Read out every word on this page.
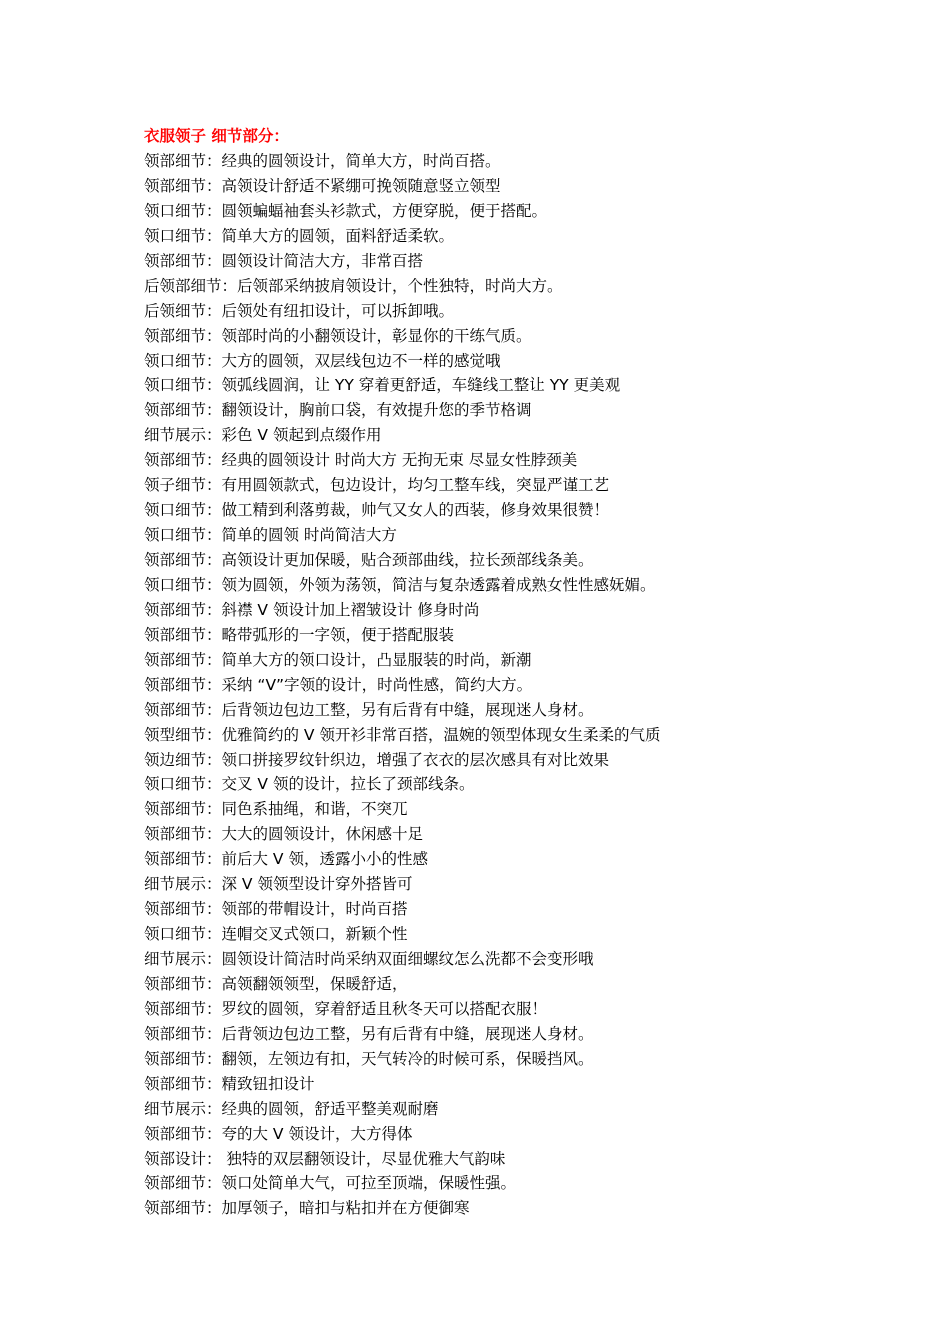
衣服领子 细节部分：
领部细节：经典的圆领设计，简单大方，时尚百搭。
领部细节：高领设计舒适不紧绷可挽领随意竖立领型
领口细节：圆领蝙蝠袖套头衫款式，方便穿脱，便于搭配。
领口细节：简单大方的圆领，面料舒适柔软。
领部细节：圆领设计简洁大方，非常百搭
后领部细节：后领部采纳披肩领设计，个性独特，时尚大方。
后领细节：后领处有纽扣设计，可以拆卸哦。
领部细节：领部时尚的小翻领设计，彰显你的干练气质。
领口细节：大方的圆领，双层线包边不一样的感觉哦
领口细节：领弧线圆润，让 YY 穿着更舒适，车缝线工整让 YY 更美观
领部细节：翻领设计，胸前口袋，有效提升您的季节格调
细节展示：彩色 V 领起到点缀作用
领部细节：经典的圆领设计 时尚大方 无拘无束 尽显女性脖颈美
领子细节：有用圆领款式，包边设计，均匀工整车线，突显严谨工艺
领口细节：做工精到利落剪裁，帅气又女人的西装，修身效果很赞！
领口细节：简单的圆领 时尚简洁大方
领部细节：高领设计更加保暖，贴合颈部曲线，拉长颈部线条美。
领口细节：领为圆领，外领为荡领，简洁与复杂透露着成熟女性性感妩媚。
领部细节：斜襟 V 领设计加上褶皱设计 修身时尚
领部细节：略带弧形的一字领，便于搭配服装
领部细节：简单大方的领口设计，凸显服装的时尚，新潮
领部细节：采纳 “V”字领的设计，时尚性感，简约大方。
领部细节：后背领边包边工整，另有后背有中缝，展现迷人身材。
领型细节：优雅简约的 V 领开衫非常百搭，温婉的领型体现女生柔柔的气质
领边细节：领口拼接罗纹针织边，增强了衣衣的层次感具有对比效果
领口细节：交叉 V 领的设计，拉长了颈部线条。
领部细节：同色系抽绳，和谐，不突兀
领部细节：大大的圆领设计，休闲感十足
领部细节：前后大 V 领，透露小小的性感
细节展示：深 V 领领型设计穿外搭皆可
领部细节：领部的带帽设计，时尚百搭
领口细节：连帽交叉式领口，新颖个性
细节展示：圆领设计简洁时尚采纳双面细螺纹怎么洗都不会变形哦
领部细节：高领翻领领型，保暖舒适，
领部细节：罗纹的圆领，穿着舒适且秋冬天可以搭配衣服！
领部细节：后背领边包边工整，另有后背有中缝，展现迷人身材。
领部细节：翻领，左领边有扣，天气转冷的时候可系，保暖挡风。
领部细节：精致钮扣设计
细节展示：经典的圆领，舒适平整美观耐磨
领部细节：夸的大 V 领设计，大方得体
领部设计： 独特的双层翻领设计，尽显优雅大气韵味
领部细节：领口处简单大气，可拉至顶端，保暖性强。
领部细节：加厚领子，暗扣与粘扣并在方便御寒
